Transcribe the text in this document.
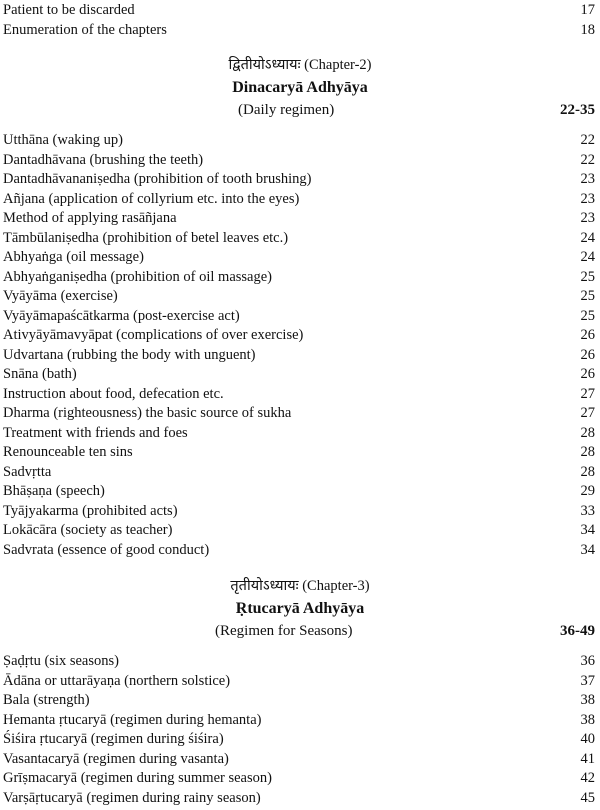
Patient to be discarded	17
Enumeration of the chapters	18
द्वितीयोऽध्यायः (Chapter-2)
Dinacaryā Adhyāya
(Daily regimen)	22-35
Utthāna (waking up)	22
Dantadhāvana (brushing the teeth)	22
Dantadhāvananiṣedha (prohibition of tooth brushing)	23
Añjana (application of collyrium etc. into the eyes)	23
Method of applying rasāñjana	23
Tāmbūlaniṣedha (prohibition of betel leaves etc.)	24
Abhyaṅga (oil message)	24
Abhyaṅganiṣedha (prohibition of oil massage)	25
Vyāyāma (exercise)	25
Vyāyāmapaścātkarma (post-exercise act)	25
Ativyāyāmavyāpat (complications of over exercise)	26
Udvartana (rubbing the body with unguent)	26
Snāna (bath)	26
Instruction about food, defecation etc.	27
Dharma (righteousness) the basic source of sukha	27
Treatment with friends and foes	28
Renounceable ten sins	28
Sadvṛtta	28
Bhāṣaṇa (speech)	29
Tyājyakarma (prohibited acts)	33
Lokācāra (society as teacher)	34
Sadvrata (essence of good conduct)	34
तृतीयोऽध्यायः (Chapter-3)
Ṛtucaryā Adhyāya
(Regimen for Seasons)	36-49
Ṣaḍṛtu (six seasons)	36
Ādāna or uttarāyaṇa (northern solstice)	37
Bala (strength)	38
Hemanta ṛtucaryā (regimen during hemanta)	38
Śiśira ṛtucaryā (regimen during śiśira)	40
Vasantacaryā (regimen during vasanta)	41
Grīṣmacaryā (regimen during summer season)	42
Varṣāṛtucaryā (regimen during rainy season)	45
